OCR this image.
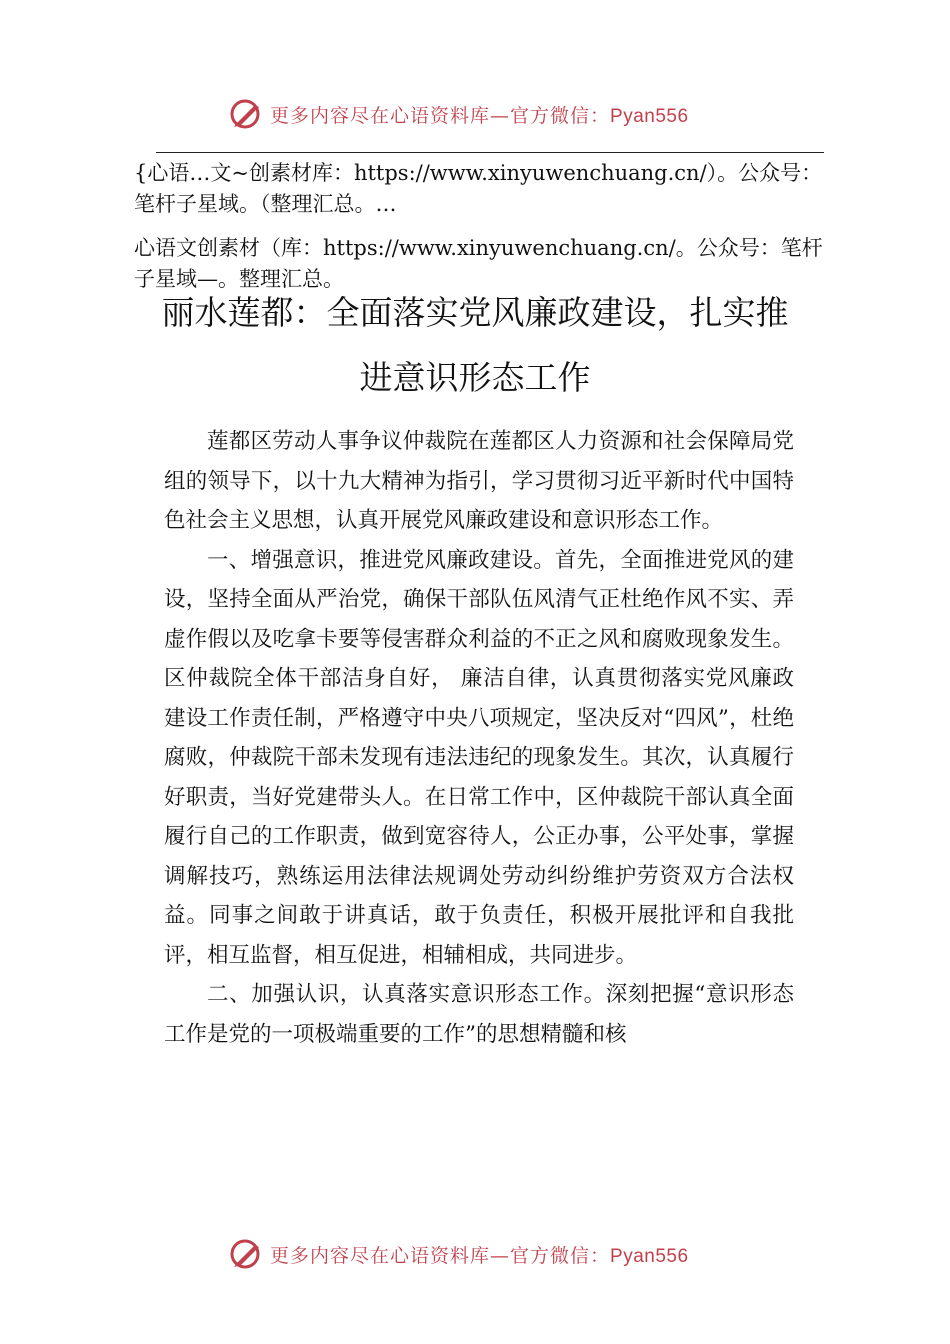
更多内容尽在心语资料库—官方微信：Pyan556
{心语…文~创素材库：https://www.xinyuwenchuang.cn/）。公众号：笔杆子星域。（整理汇总。…
心语文创素材（库：https://www.xinyuwenchuang.cn/。公众号：笔杆子星域—。整理汇总。
丽水莲都：全面落实党风廉政建设，扎实推进意识形态工作

莲都区劳动人事争议仲裁院在莲都区人力资源和社会保障局党组的领导下，以十九大精神为指引，学习贯彻习近平新时代中国特色社会主义思想，认真开展党风廉政建设和意识形态工作。

一、增强意识，推进党风廉政建设。首先，全面推进党风的建设，坚持全面从严治党，确保干部队伍风清气正杜绝作风不实、弄虚作假以及吃拿卡要等侵害群众利益的不正之风和腐败现象发生。区仲裁院全体干部洁身自好， 廉洁自律，认真贯彻落实党风廉政建设工作责任制，严格遵守中央八项规定，坚决反对“四风”，杜绝腐败，仲裁院干部未发现有违法违纪的现象发生。其次，认真履行好职责，当好党建带头人。在日常工作中，区仲裁院干部认真全面履行自己的工作职责，做到宽容待人，公正办事，公平处事，掌握调解技巧，熟练运用法律法规调处劳动纠纷维护劳资双方合法权益。同事之间敢于讲真话，敢于负责任，积极开展批评和自我批评，相互监督，相互促进，相辅相成，共同进步。

二、加强认识，认真落实意识形态工作。深刻把握“意识形态工作是党的一项极端重要的工作”的思想精髓和核

更多内容尽在心语资料库—官方微信：Pyan556
